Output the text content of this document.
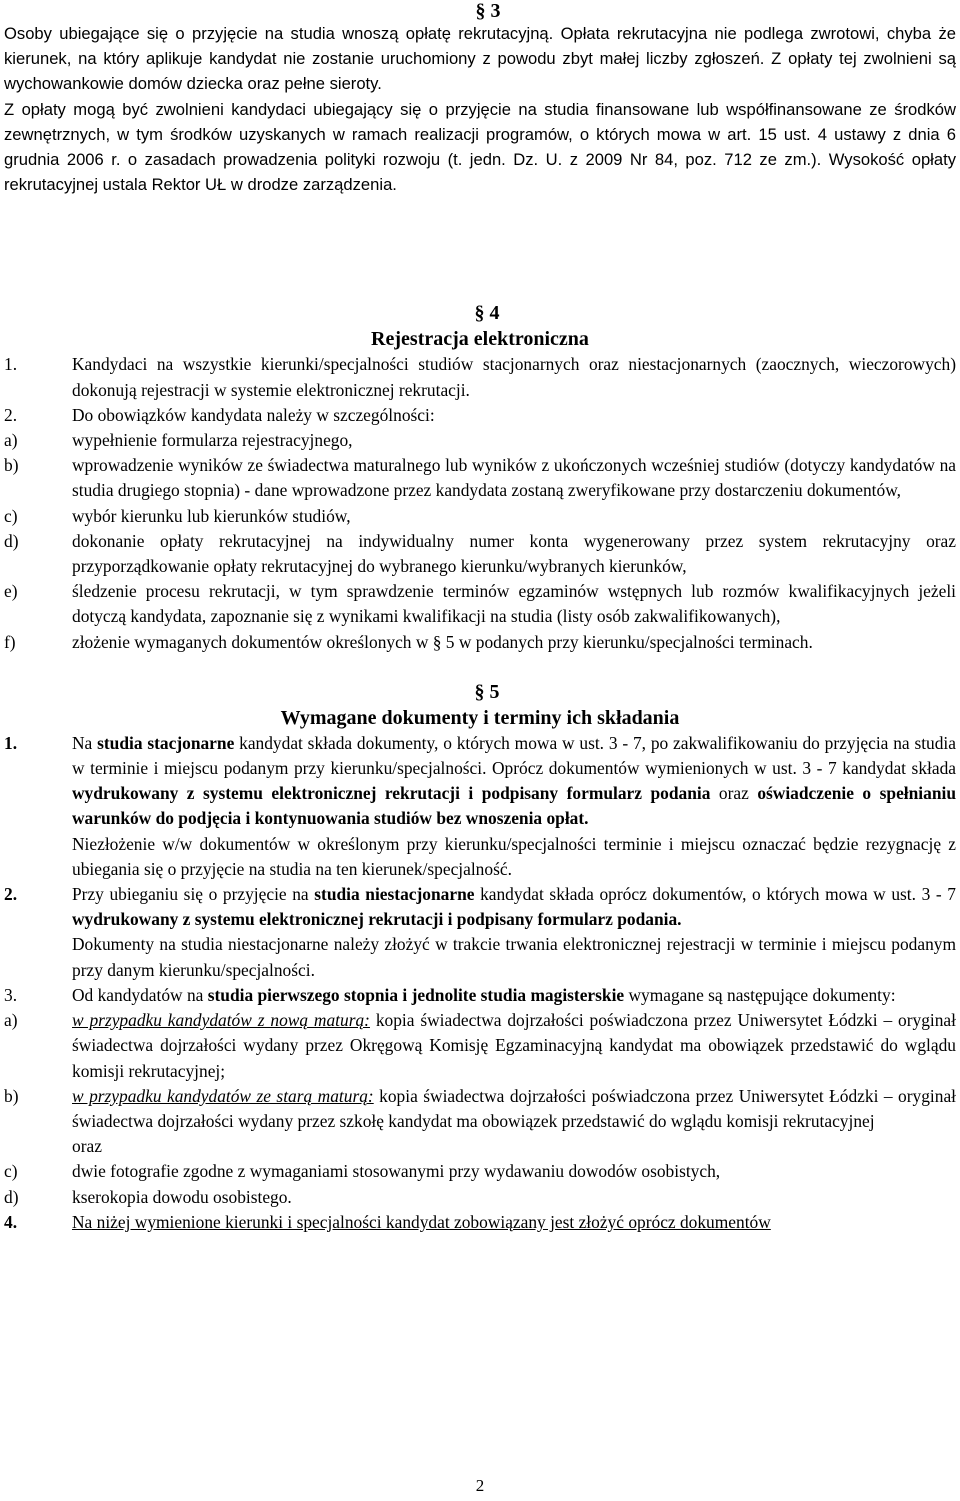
§ 3

Osoby ubiegające się o przyjęcie na studia wnoszą opłatę rekrutacyjną. Opłata rekrutacyjna nie podlega zwrotowi, chyba że kierunek, na który aplikuje kandydat nie zostanie uruchomiony z powodu zbyt małej liczby zgłoszeń. Z opłaty tej zwolnieni są wychowankowie domów dziecka oraz pełne sieroty.

Z opłaty mogą być zwolnieni kandydaci ubiegający się o przyjęcie na studia finansowane lub współfinansowane ze środków zewnętrznych, w tym środków uzyskanych w ramach realizacji programów, o których mowa w art. 15 ust. 4 ustawy z dnia 6 grudnia 2006 r. o zasadach prowadzenia polityki rozwoju (t. jedn. Dz. U. z 2009 Nr 84, poz. 712 ze zm.). Wysokość opłaty rekrutacyjnej ustala Rektor UŁ w drodze zarządzenia.

§ 4
Rejestracja elektroniczna
1.	Kandydaci na wszystkie kierunki/specjalności studiów stacjonarnych oraz niestacjonarnych (zaocznych, wieczorowych) dokonują rejestracji w systemie elektronicznej rekrutacji.
2.	Do obowiązków kandydata należy w szczególności:
a)	wypełnienie formularza rejestracyjnego,
b)	wprowadzenie wyników ze świadectwa maturalnego lub wyników z ukończonych wcześniej studiów (dotyczy kandydatów na studia drugiego stopnia) - dane wprowadzone przez kandydata zostaną zweryfikowane przy dostarczeniu dokumentów,
c)	wybór kierunku lub kierunków studiów,
d)	dokonanie opłaty rekrutacyjnej na indywidualny numer konta wygenerowany przez system rekrutacyjny oraz przyporządkowanie opłaty rekrutacyjnej do wybranego kierunku/wybranych kierunków,
e)	śledzenie procesu rekrutacji, w tym sprawdzenie terminów egzaminów wstępnych lub rozmów kwalifikacyjnych jeżeli dotyczą kandydata, zapoznanie się z wynikami kwalifikacji na studia (listy osób zakwalifikowanych),
f)	złożenie wymaganych dokumentów określonych w § 5 w podanych przy kierunku/specjalności terminach.
§ 5
Wymagane dokumenty i terminy ich składania
1.	Na studia stacjonarne kandydat składa dokumenty, o których mowa w ust. 3 - 7, po zakwalifikowaniu do przyjęcia na studia w terminie i miejscu podanym przy kierunku/specjalności. Oprócz dokumentów wymienionych w ust. 3 - 7 kandydat składa wydrukowany z systemu elektronicznej rekrutacji i podpisany formularz podania oraz oświadczenie o spełnianiu warunków do podjęcia i kontynuowania studiów bez wnoszenia opłat.

Niezłożenie w/w dokumentów w określonym przy kierunku/specjalności terminie i miejscu oznaczać będzie rezygnację z ubiegania się o przyjęcie na studia na ten kierunek/specjalność.

2.	Przy ubieganiu się o przyjęcie na studia niestacjonarne kandydat składa oprócz dokumentów, o których mowa w ust. 3 - 7 wydrukowany z systemu elektronicznej rekrutacji i podpisany formularz podania.

Dokumenty na studia niestacjonarne należy złożyć w trakcie trwania elektronicznej rejestracji w terminie i miejscu podanym przy danym kierunku/specjalności.

3.	Od kandydatów na studia pierwszego stopnia i jednolite studia magisterskie wymagane są następujące dokumenty:

a)	w przypadku kandydatów z nową maturą: kopia świadectwa dojrzałości poświadczona przez Uniwersytet Łódzki – oryginał świadectwa dojrzałości wydany przez Okręgową Komisję Egzaminacyjną kandydat ma obowiązek przedstawić do wglądu komisji rekrutacyjnej;

b)	w przypadku kandydatów ze starą maturą: kopia świadectwa dojrzałości poświadczona przez Uniwersytet Łódzki – oryginał świadectwa dojrzałości wydany przez szkołę kandydat ma obowiązek przedstawić do wglądu komisji rekrutacyjnej

oraz

c)	dwie fotografie zgodne z wymaganiami stosowanymi przy wydawaniu dowodów osobistych,
d)	kserokopia dowodu osobistego.
4.	Na niżej wymienione kierunki i specjalności kandydat zobowiązany jest złożyć oprócz dokumentów
2
